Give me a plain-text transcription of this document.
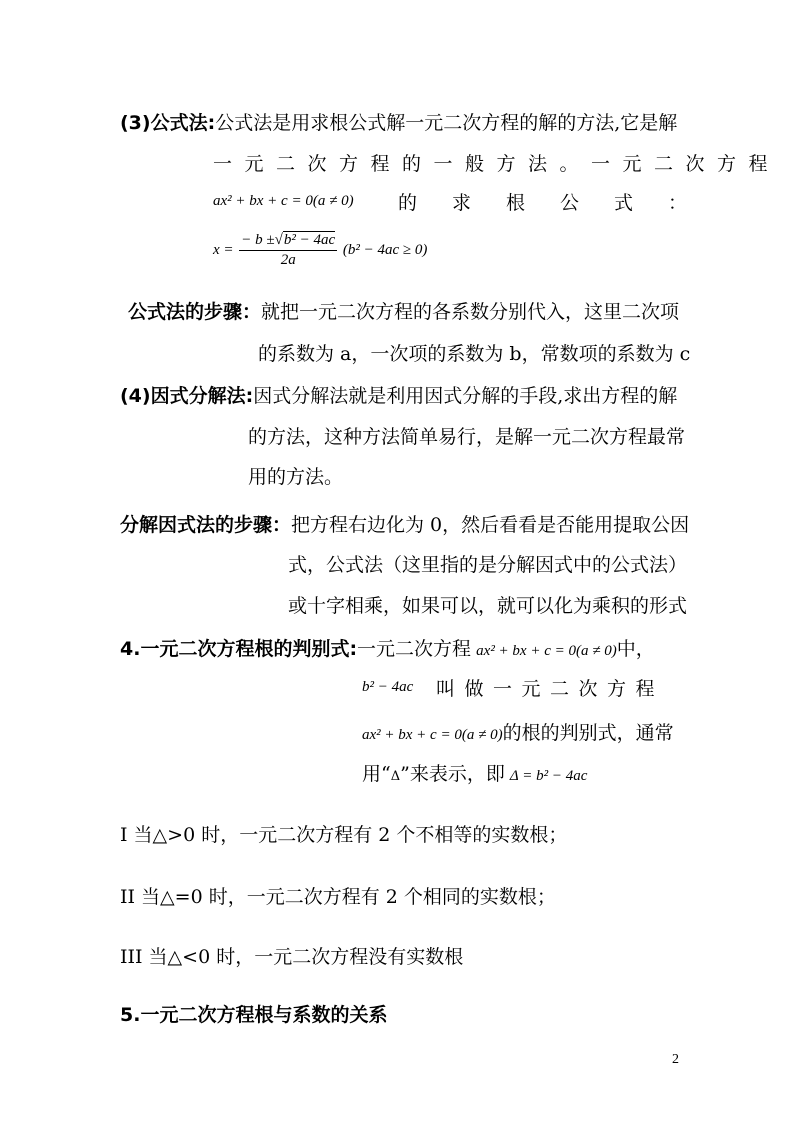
(3)公式法:公式法是用求根公式解一元二次方程的解的方法,它是解
一元二次方程的一般方法。一元二次方程
ax² + bx + c = 0(a ≠ 0) 的求根公式：
$x = \frac{\text{− b ±√b² − 4ac}}{2a} (b^2 - 4ac \ge 0)$
公式法的步骤：就把一元二次方程的各系数分别代入，这里二次项
的系数为 a，一次项的系数为 b，常数项的系数为 c
(4)因式分解法:因式分解法就是利用因式分解的手段,求出方程的解
的方法，这种方法简单易行，是解一元二次方程最常
用的方法。
分解因式法的步骤：把方程右边化为 0，然后看看是否能用提取公因
式，公式法（这里指的是分解因式中的公式法）
或十字相乘，如果可以，就可以化为乘积的形式
4.一元二次方程根的判别式:一元二次方程 ax² + bx + c = 0(a ≠ 0)中，
b² − 4ac 叫做一元二次方程
ax² + bx + c = 0(a ≠ 0)的根的判别式，通常
用“Δ”来表示，即 Δ = b² − 4ac
I 当△>0 时，一元二次方程有 2 个不相等的实数根；
II 当△=0 时，一元二次方程有 2 个相同的实数根；
III 当△<0 时，一元二次方程没有实数根
5.一元二次方程根与系数的关系
2
